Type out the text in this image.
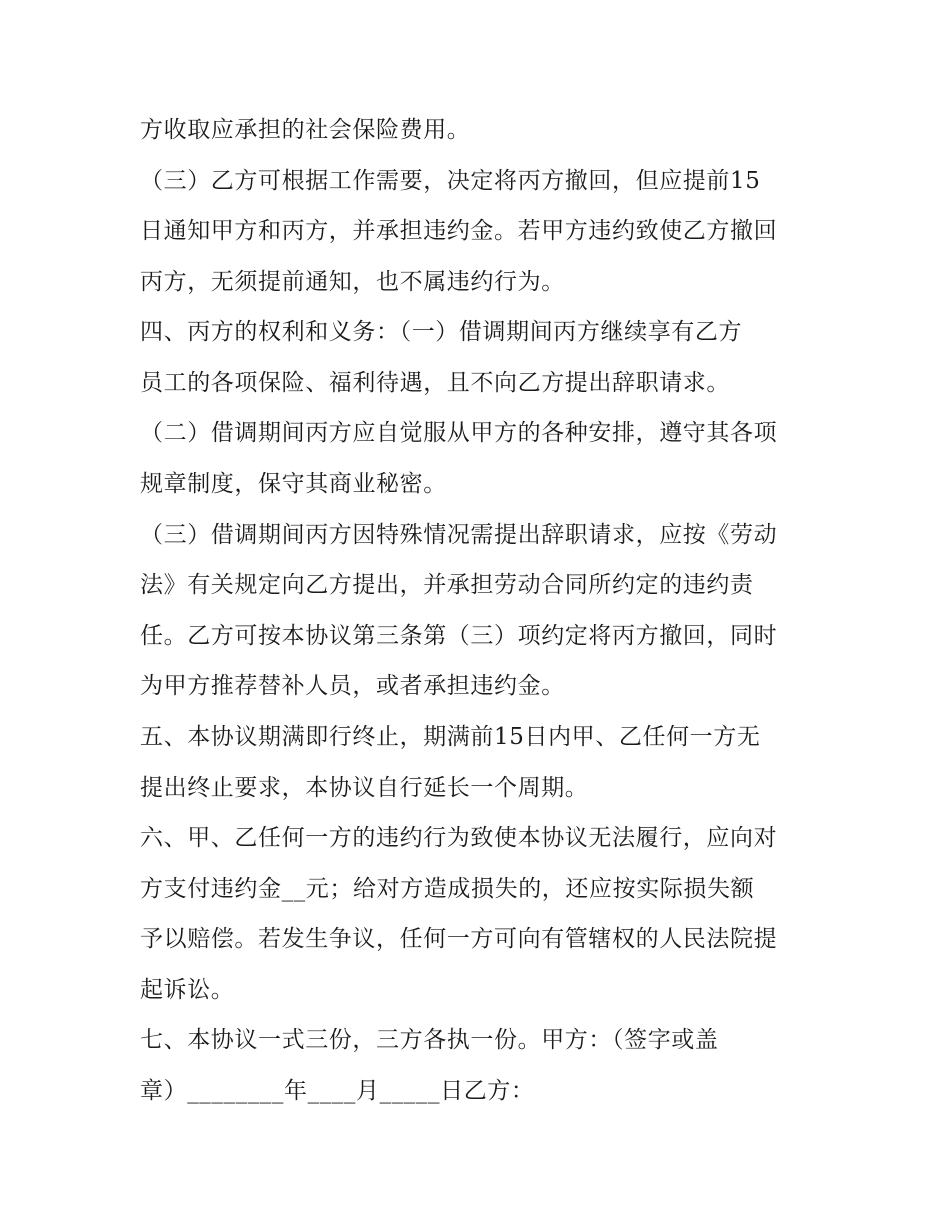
方收取应承担的社会保险费用。
（三）乙方可根据工作需要，决定将丙方撤回，但应提前15
日通知甲方和丙方，并承担违约金。若甲方违约致使乙方撤回
丙方，无须提前通知，也不属违约行为。
四、丙方的权利和义务：（一）借调期间丙方继续享有乙方
员工的各项保险、福利待遇，且不向乙方提出辞职请求。
（二）借调期间丙方应自觉服从甲方的各种安排，遵守其各项
规章制度，保守其商业秘密。
（三）借调期间丙方因特殊情况需提出辞职请求，应按《劳动
法》有关规定向乙方提出，并承担劳动合同所约定的违约责
任。乙方可按本协议第三条第（三）项约定将丙方撤回，同时
为甲方推荐替补人员，或者承担违约金。
五、本协议期满即行终止，期满前15日内甲、乙任何一方无
提出终止要求，本协议自行延长一个周期。
六、甲、乙任何一方的违约行为致使本协议无法履行，应向对
方支付违约金__元；给对方造成损失的，还应按实际损失额
予以赔偿。若发生争议，任何一方可向有管辖权的人民法院提
起诉讼。
七、本协议一式三份，三方各执一份。甲方：（签字或盖
章）________年____月_____日乙方：
